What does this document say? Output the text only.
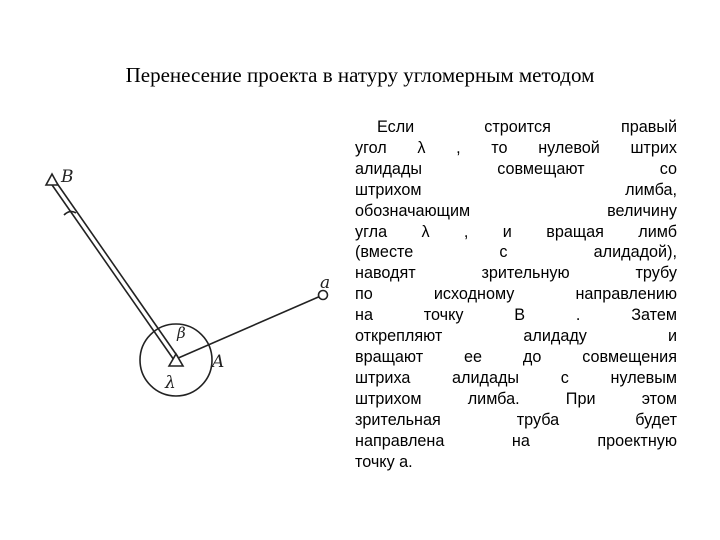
Перенесение проекта в натуру угломерным методом
B
a
β
A
λ
Если строится правый
угол λ , то нулевой штрих
алидады совмещают со
штрихом лимба,
обозначающим величину
угла λ , и вращая лимб
(вместе с алидадой),
наводят зрительную трубу
по исходному направлению
на точку B . Затем
открепляют алидаду и
вращают ее до совмещения
штриха алидады с нулевым
штрихом лимба. При этом
зрительная труба будет
направлена на проектную
точку а.
